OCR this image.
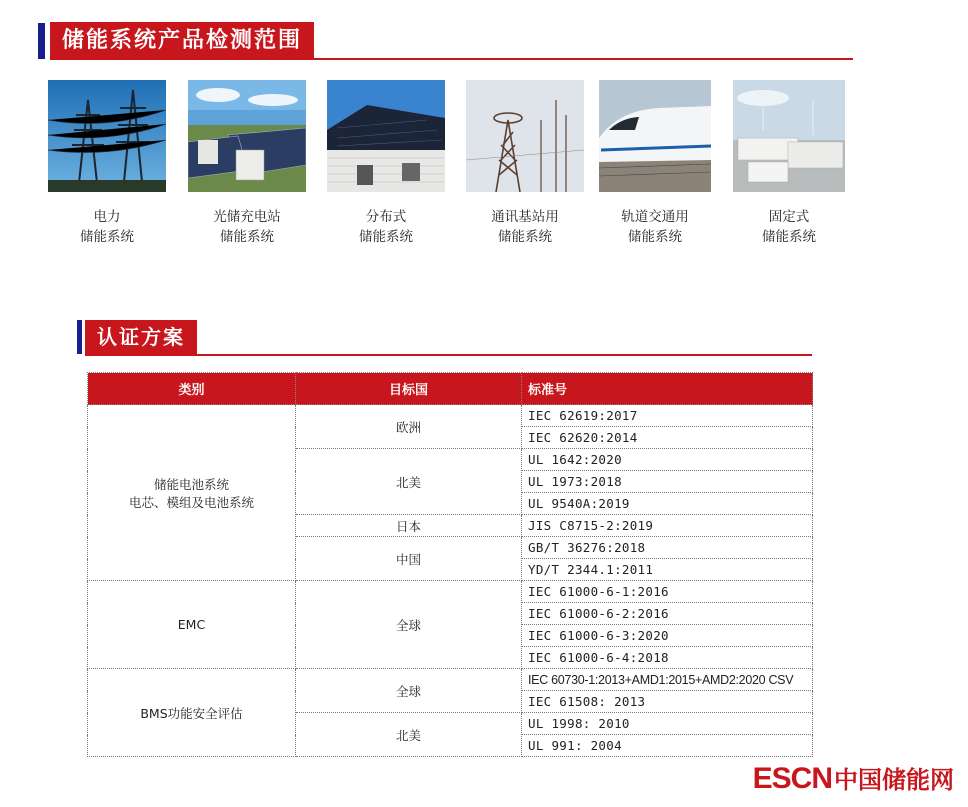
储能系统产品检测范围
电力
储能系统
光储充电站
储能系统
分布式
储能系统
通讯基站用
储能系统
轨道交通用
储能系统
固定式
储能系统
认证方案
类别	目标国	标准号

储能电池系统
电芯、模组及电池系统	欧洲	IEC 62619:2017
		IEC 62620:2014
	北美	UL 1642:2020
		UL 1973:2018
		UL 9540A:2019
	日本	JIS C8715-2:2019
	中国	GB/T 36276:2018
		YD/T 2344.1:2011
EMC	全球	IEC 61000-6-1:2016
		IEC 61000-6-2:2016
		IEC 61000-6-3:2020
		IEC 61000-6-4:2018
BMS功能安全评估	全球	IEC 60730-1:2013+AMD1:2015+AMD2:2020 CSV
		IEC 61508: 2013
	北美	UL 1998: 2010
		UL 991: 2004
ESCN中国储能网
